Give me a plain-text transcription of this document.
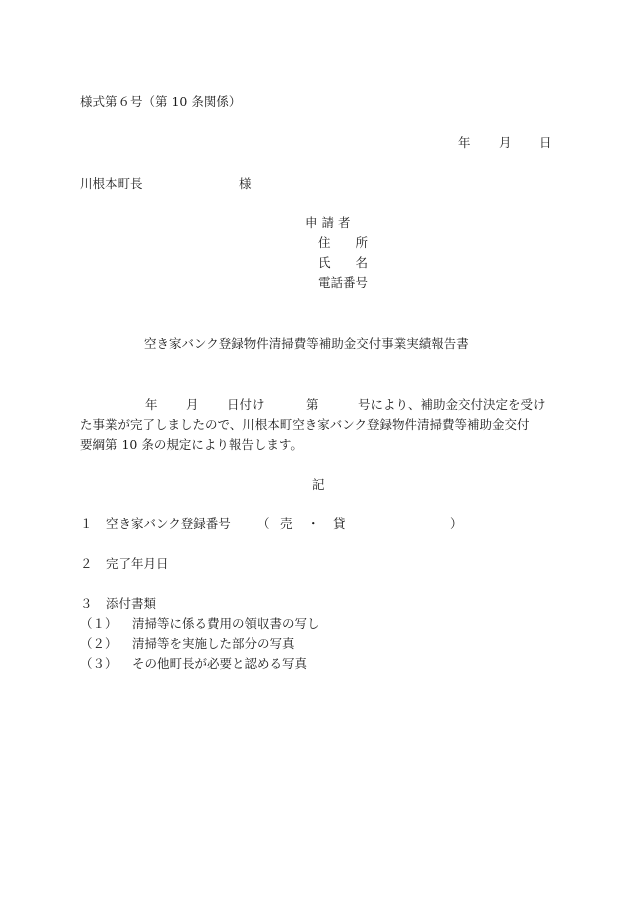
様式第６号（第 10 条関係）
年 月 日
川根本町長	様
申 請 者
住　　所
氏　　名
電話番号
空き家バンク登録物件清掃費等補助金交付事業実績報告書
年 月 日付け	第	号により、補助金交付決定を受け
た事業が完了しましたので、川根本町空き家バンク登録物件清掃費等補助金交付
要綱第 10 条の規定により報告します。
記
１ 空き家バンク登録番号 （ 売 ・ 貸	）
２ 完了年月日
３ 添付書類
（１） 清掃等に係る費用の領収書の写し
（２） 清掃等を実施した部分の写真
（３） その他町長が必要と認める写真
